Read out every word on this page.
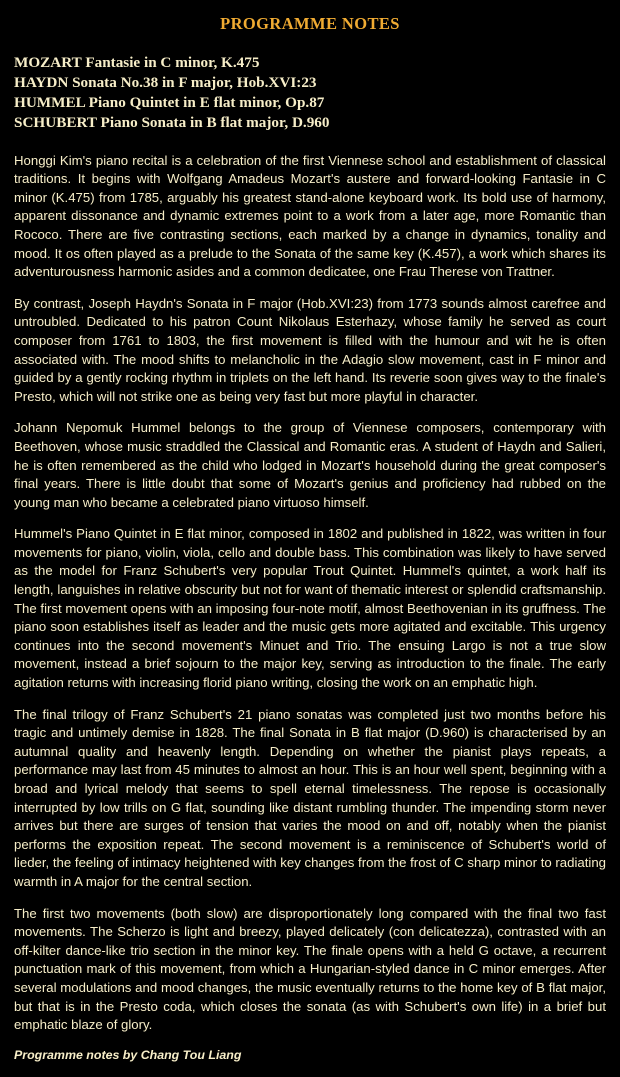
PROGRAMME NOTES
MOZART Fantasie in C minor, K.475
HAYDN Sonata No.38 in F major, Hob.XVI:23
HUMMEL Piano Quintet in E flat minor, Op.87
SCHUBERT Piano Sonata in B flat major, D.960

Honggi Kim's piano recital is a celebration of the first Viennese school and establishment of classical traditions. It begins with Wolfgang Amadeus Mozart's austere and forward-looking Fantasie in C minor (K.475) from 1785, arguably his greatest stand-alone keyboard work. Its bold use of harmony, apparent dissonance and dynamic extremes point to a work from a later age, more Romantic than Rococo. There are five contrasting sections, each marked by a change in dynamics, tonality and mood. It os often played as a prelude to the Sonata of the same key (K.457), a work which shares its adventurousness harmonic asides and a common dedicatee, one Frau Therese von Trattner.

By contrast, Joseph Haydn's Sonata in F major (Hob.XVI:23) from 1773 sounds almost carefree and untroubled. Dedicated to his patron Count Nikolaus Esterhazy, whose family he served as court composer from 1761 to 1803, the first movement is filled with the humour and wit he is often associated with. The mood shifts to melancholic in the Adagio slow movement, cast in F minor and guided by a gently rocking rhythm in triplets on the left hand. Its reverie soon gives way to the finale's Presto, which will not strike one as being very fast but more playful in character.

Johann Nepomuk Hummel belongs to the group of Viennese composers, contemporary with Beethoven, whose music straddled the Classical and Romantic eras. A student of Haydn and Salieri, he is often remembered as the child who lodged in Mozart's household during the great composer's final years. There is little doubt that some of Mozart's genius and proficiency had rubbed on the young man who became a celebrated piano virtuoso himself.

Hummel's Piano Quintet in E flat minor, composed in 1802 and published in 1822, was written in four movements for piano, violin, viola, cello and double bass. This combination was likely to have served as the model for Franz Schubert's very popular Trout Quintet. Hummel's quintet, a work half its length, languishes in relative obscurity but not for want of thematic interest or splendid craftsmanship. The first movement opens with an imposing four-note motif, almost Beethovenian in its gruffness. The piano soon establishes itself as leader and the music gets more agitated and excitable. This urgency continues into the second movement's Minuet and Trio. The ensuing Largo is not a true slow movement, instead a brief sojourn to the major key, serving as introduction to the finale. The early agitation returns with increasing florid piano writing, closing the work on an emphatic high.

The final trilogy of Franz Schubert's 21 piano sonatas was completed just two months before his tragic and untimely demise in 1828. The final Sonata in B flat major (D.960) is characterised by an autumnal quality and heavenly length. Depending on whether the pianist plays repeats, a performance may last from 45 minutes to almost an hour. This is an hour well spent, beginning with a broad and lyrical melody that seems to spell eternal timelessness. The repose is occasionally interrupted by low trills on G flat, sounding like distant rumbling thunder. The impending storm never arrives but there are surges of tension that varies the mood on and off, notably when the pianist performs the exposition repeat. The second movement is a reminiscence of Schubert's world of lieder, the feeling of intimacy heightened with key changes from the frost of C sharp minor to radiating warmth in A major for the central section.

The first two movements (both slow) are disproportionately long compared with the final two fast movements. The Scherzo is light and breezy, played delicately (con delicatezza), contrasted with an off-kilter dance-like trio section in the minor key. The finale opens with a held G octave, a recurrent punctuation mark of this movement, from which a Hungarian-styled dance in C minor emerges. After several modulations and mood changes, the music eventually returns to the home key of B flat major, but that is in the Presto coda, which closes the sonata (as with Schubert's own life) in a brief but emphatic blaze of glory.

Programme notes by Chang Tou Liang
